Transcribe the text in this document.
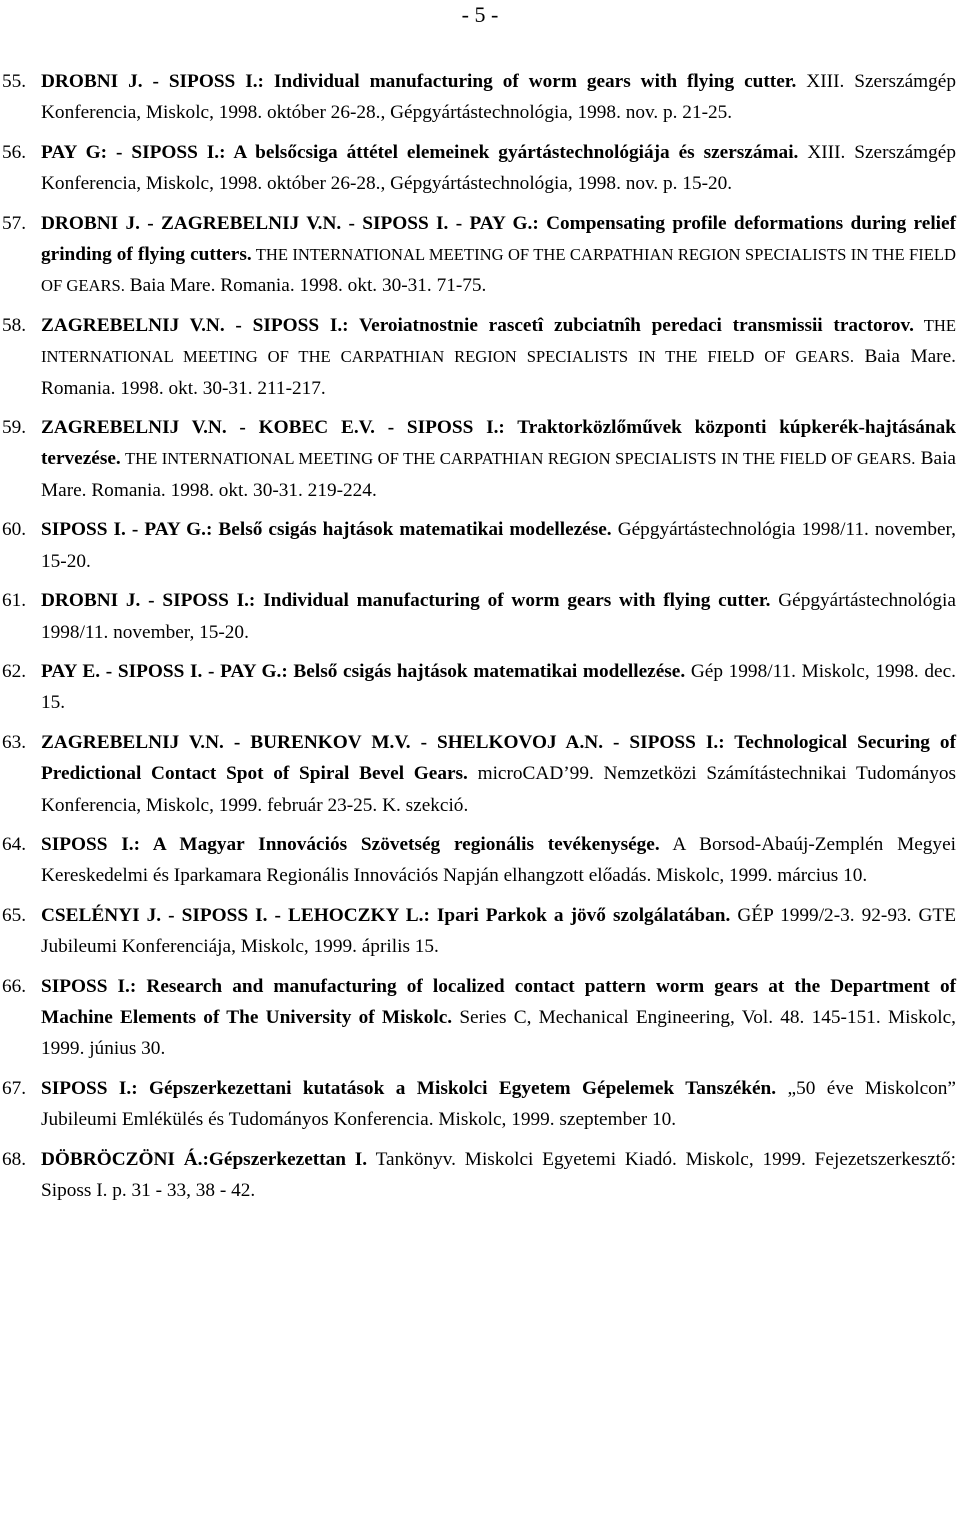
- 5 -

55. DROBNI J. - SIPOSS I.: Individual manufacturing of worm gears with flying cutter. XIII. Szerszámgép Konferencia, Miskolc, 1998. október 26-28., Gépgyártástechnológia, 1998. nov. p. 21-25.

56. PAY G: - SIPOSS I.: A belsőcsiga áttétel elemeinek gyártástechnológiája és szerszámai. XIII. Szerszámgép Konferencia, Miskolc, 1998. október 26-28., Gépgyártástechnológia, 1998. nov. p. 15-20.

57. DROBNI J. - ZAGREBELNIJ V.N. - SIPOSS I. - PAY G.: Compensating profile deformations during relief grinding of flying cutters. THE INTERNATIONAL MEETING OF THE CARPATHIAN REGION SPECIALISTS IN THE FIELD OF GEARS. Baia Mare. Romania. 1998. okt. 30-31. 71-75.

58. ZAGREBELNIJ V.N. - SIPOSS I.: Veroiatnostnie rascetî zubciatnîh peredaci transmissii tractorov. THE INTERNATIONAL MEETING OF THE CARPATHIAN REGION SPECIALISTS IN THE FIELD OF GEARS. Baia Mare. Romania. 1998. okt. 30-31. 211-217.

59. ZAGREBELNIJ V.N. - KOBEC E.V. - SIPOSS I.: Traktorközlőművek központi kúpkerék-hajtásának tervezése. THE INTERNATIONAL MEETING OF THE CARPATHIAN REGION SPECIALISTS IN THE FIELD OF GEARS. Baia Mare. Romania. 1998. okt. 30-31. 219-224.

60. SIPOSS I. - PAY G.: Belső csigás hajtások matematikai modellezése. Gépgyártástechnológia 1998/11. november, 15-20.

61. DROBNI J. - SIPOSS I.: Individual manufacturing of worm gears with flying cutter. Gépgyártástechnológia 1998/11. november, 15-20.

62. PAY E. - SIPOSS I. - PAY G.: Belső csigás hajtások matematikai modellezése. Gép 1998/11. Miskolc, 1998. dec. 15.

63. ZAGREBELNIJ V.N. - BURENKOV M.V. - SHELKOVOJ A.N. - SIPOSS I.: Technological Securing of Predictional Contact Spot of Spiral Bevel Gears. microCAD’99. Nemzetközi Számítástechnikai Tudományos Konferencia, Miskolc, 1999. február 23-25. K. szekció.

64. SIPOSS I.: A Magyar Innovációs Szövetség regionális tevékenysége. A Borsod-Abaúj-Zemplén Megyei Kereskedelmi és Iparkamara Regionális Innovációs Napján elhangzott előadás. Miskolc, 1999. március 10.

65. CSELÉNYI J. - SIPOSS I. - LEHOCZKY L.: Ipari Parkok a jövő szolgálatában. GÉP 1999/2-3. 92-93. GTE Jubileumi Konferenciája, Miskolc, 1999. április 15.

66. SIPOSS I.: Research and manufacturing of localized contact pattern worm gears at the Department of Machine Elements of The University of Miskolc. Series C, Mechanical Engineering, Vol. 48. 145-151. Miskolc, 1999. június 30.

67. SIPOSS I.: Gépszerkezettani kutatások a Miskolci Egyetem Gépelemek Tanszékén. „50 éve Miskolcon” Jubileumi Emlékülés és Tudományos Konferencia. Miskolc, 1999. szeptember 10.

68. DÖBRÖCZÖNI Á.:Gépszerkezettan I. Tankönyv. Miskolci Egyetemi Kiadó. Miskolc, 1999. Fejezetszerkesztő: Siposs I. p. 31 - 33, 38 - 42.
